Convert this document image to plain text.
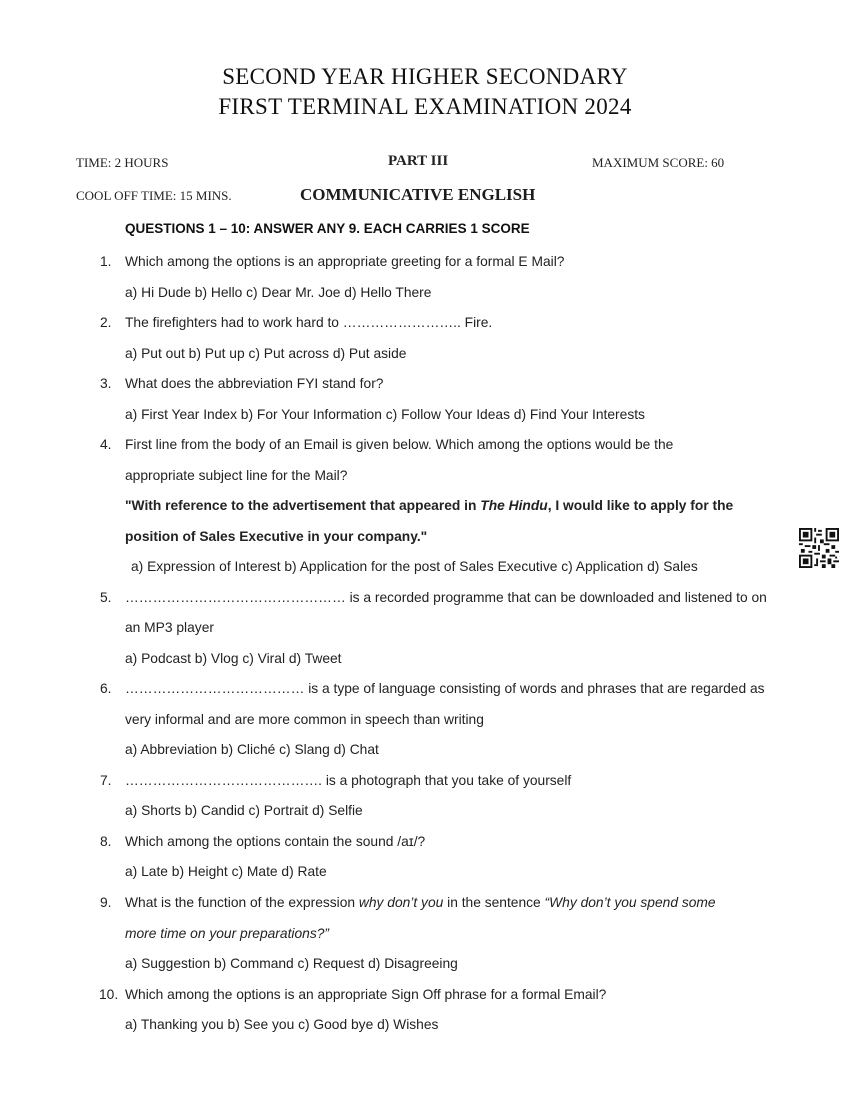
SECOND YEAR HIGHER SECONDARY
FIRST TERMINAL EXAMINATION 2024
TIME: 2 HOURS	PART III	MAXIMUM SCORE: 60
COOL OFF TIME: 15 MINS.	COMMUNICATIVE ENGLISH
QUESTIONS 1 – 10: ANSWER ANY 9. EACH CARRIES 1 SCORE
1. Which among the options is an appropriate greeting for a formal E Mail?
a) Hi Dude b) Hello c) Dear Mr. Joe d) Hello There
2. The firefighters had to work hard to …………………….. Fire.
a) Put out b) Put up c) Put across d) Put aside
3. What does the abbreviation FYI stand for?
a) First Year Index b) For Your Information c) Follow Your Ideas d) Find Your Interests
4. First line from the body of an Email is given below. Which among the options would be the
appropriate subject line for the Mail?
"With reference to the advertisement that appeared in The Hindu, I would like to apply for the
position of Sales Executive in your company."
a) Expression of Interest b) Application for the post of Sales Executive c) Application d) Sales
5. ………………………………………… is a recorded programme that can be downloaded and listened to on
an MP3 player
a) Podcast b) Vlog c) Viral d) Tweet
6. ………………………………… is a type of language consisting of words and phrases that are regarded as
very informal and are more common in speech than writing
a) Abbreviation b) Cliché c) Slang d) Chat
7. ……………………………………. is a photograph that you take of yourself
a) Shorts b) Candid c) Portrait d) Selfie
8. Which among the options contain the sound /aɪ/?
a) Late b) Height c) Mate d) Rate
9. What is the function of the expression why don’t you in the sentence “Why don’t you spend some
more time on your preparations?”
a) Suggestion b) Command c) Request d) Disagreeing
10. Which among the options is an appropriate Sign Off phrase for a formal Email?
a) Thanking you b) See you c) Good bye d) Wishes
